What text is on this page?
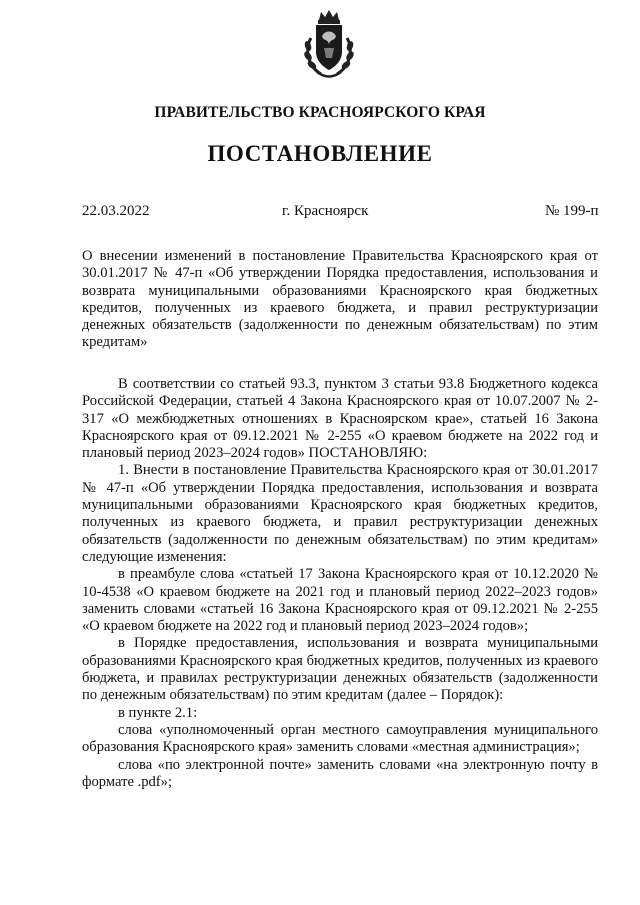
ПРАВИТЕЛЬСТВО КРАСНОЯРСКОГО КРАЯ
ПОСТАНОВЛЕНИЕ
22.03.2022	г. Красноярск	№ 199-п

О внесении изменений в постановление Правительства Красноярского края от 30.01.2017 № 47-п «Об утверждении Порядка предоставления, использования и возврата муниципальными образованиями Красноярского края бюджетных кредитов, полученных из краевого бюджета, и правил реструктуризации денежных обязательств (задолженности по денежным обязательствам) по этим кредитам»

В соответствии со статьей 93.3, пунктом 3 статьи 93.8 Бюджетного кодекса Российской Федерации, статьей 4 Закона Красноярского края от 10.07.2007 № 2-317 «О межбюджетных отношениях в Красноярском крае», статьей 16 Закона Красноярского края от 09.12.2021 № 2-255 «О краевом бюджете на 2022 год и плановый период 2023–2024 годов» ПОСТАНОВЛЯЮ:

1. Внести в постановление Правительства Красноярского края от 30.01.2017 № 47-п «Об утверждении Порядка предоставления, использования и возврата муниципальными образованиями Красноярского края бюджетных кредитов, полученных из краевого бюджета, и правил реструктуризации денежных обязательств (задолженности по денежным обязательствам) по этим кредитам» следующие изменения:

в преамбуле слова «статьей 17 Закона Красноярского края от 10.12.2020 № 10-4538 «О краевом бюджете на 2021 год и плановый период 2022–2023 годов» заменить словами «статьей 16 Закона Красноярского края от 09.12.2021 № 2-255 «О краевом бюджете на 2022 год и плановый период 2023–2024 годов»;

в Порядке предоставления, использования и возврата муниципальными образованиями Красноярского края бюджетных кредитов, полученных из краевого бюджета, и правилах реструктуризации денежных обязательств (задолженности по денежным обязательствам) по этим кредитам (далее – Порядок):

в пункте 2.1:

слова «уполномоченный орган местного самоуправления муниципального образования Красноярского края» заменить словами «местная администрация»;

слова «по электронной почте» заменить словами «на электронную почту в формате .pdf»;
